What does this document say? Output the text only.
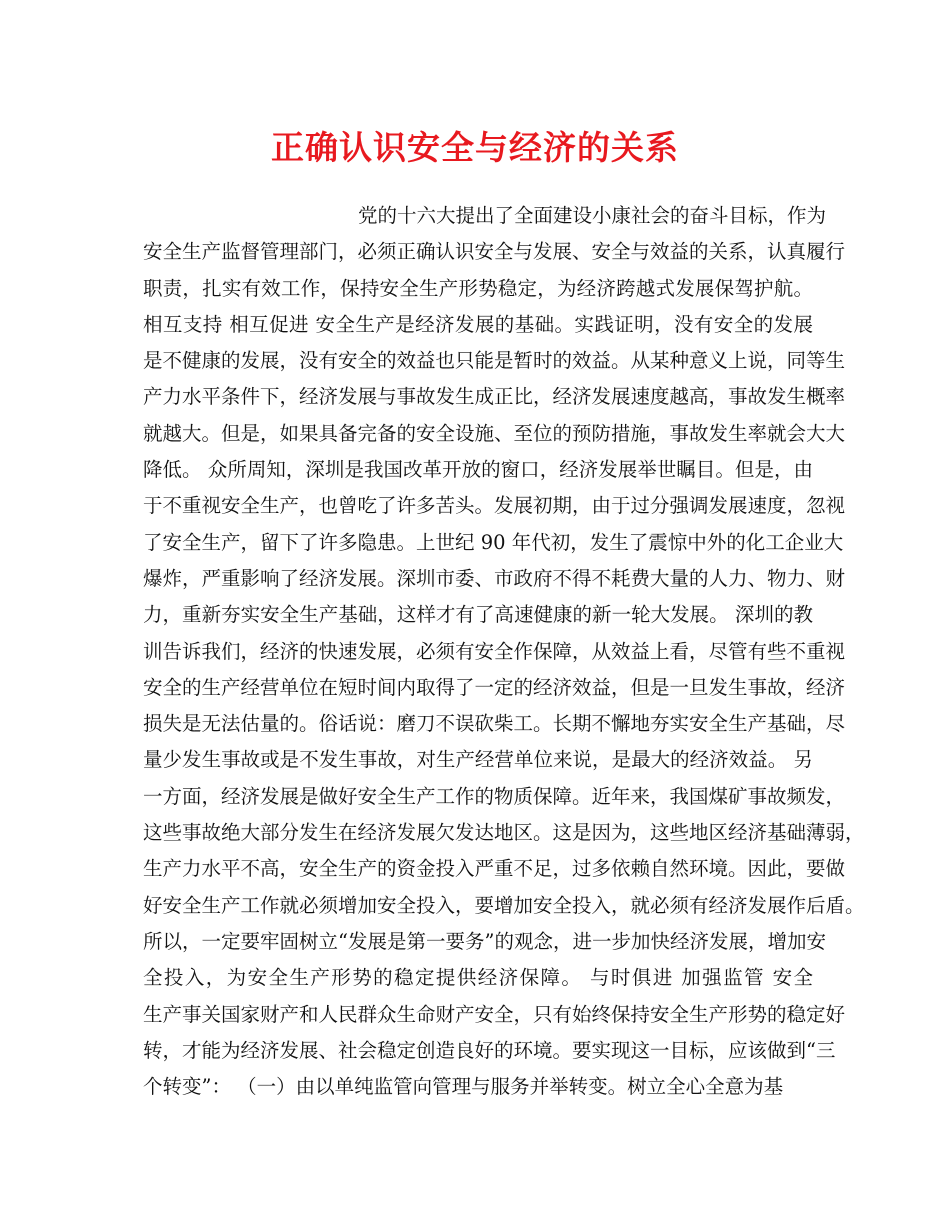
正确认识安全与经济的关系
党的十六大提出了全面建设小康社会的奋斗目标，作为
安全生产监督管理部门，必须正确认识安全与发展、安全与效益的关系，认真履行
职责，扎实有效工作，保持安全生产形势稳定，为经济跨越式发展保驾护航。
相互支持 相互促进 安全生产是经济发展的基础。实践证明，没有安全的发展
是不健康的发展，没有安全的效益也只能是暂时的效益。从某种意义上说，同等生
产力水平条件下，经济发展与事故发生成正比，经济发展速度越高，事故发生概率
就越大。但是，如果具备完备的安全设施、至位的预防措施，事故发生率就会大大
降低。 众所周知，深圳是我国改革开放的窗口，经济发展举世瞩目。但是，由
于不重视安全生产，也曾吃了许多苦头。发展初期，由于过分强调发展速度，忽视
了安全生产，留下了许多隐患。上世纪 90 年代初，发生了震惊中外的化工企业大
爆炸，严重影响了经济发展。深圳市委、市政府不得不耗费大量的人力、物力、财
力，重新夯实安全生产基础，这样才有了高速健康的新一轮大发展。 深圳的教
训告诉我们，经济的快速发展，必须有安全作保障，从效益上看，尽管有些不重视
安全的生产经营单位在短时间内取得了一定的经济效益，但是一旦发生事故，经济
损失是无法估量的。俗话说：磨刀不误砍柴工。长期不懈地夯实安全生产基础，尽
量少发生事故或是不发生事故，对生产经营单位来说，是最大的经济效益。 另
一方面，经济发展是做好安全生产工作的物质保障。近年来，我国煤矿事故频发，
这些事故绝大部分发生在经济发展欠发达地区。这是因为，这些地区经济基础薄弱，
生产力水平不高，安全生产的资金投入严重不足，过多依赖自然环境。因此，要做
好安全生产工作就必须增加安全投入，要增加安全投入，就必须有经济发展作后盾。
所以，一定要牢固树立“发展是第一要务”的观念，进一步加快经济发展，增加安
全投入，为安全生产形势的稳定提供经济保障。 与时俱进 加强监管 安全
生产事关国家财产和人民群众生命财产安全，只有始终保持安全生产形势的稳定好
转，才能为经济发展、社会稳定创造良好的环境。要实现这一目标，应该做到“三
个转变”： （一）由以单纯监管向管理与服务并举转变。树立全心全意为基
